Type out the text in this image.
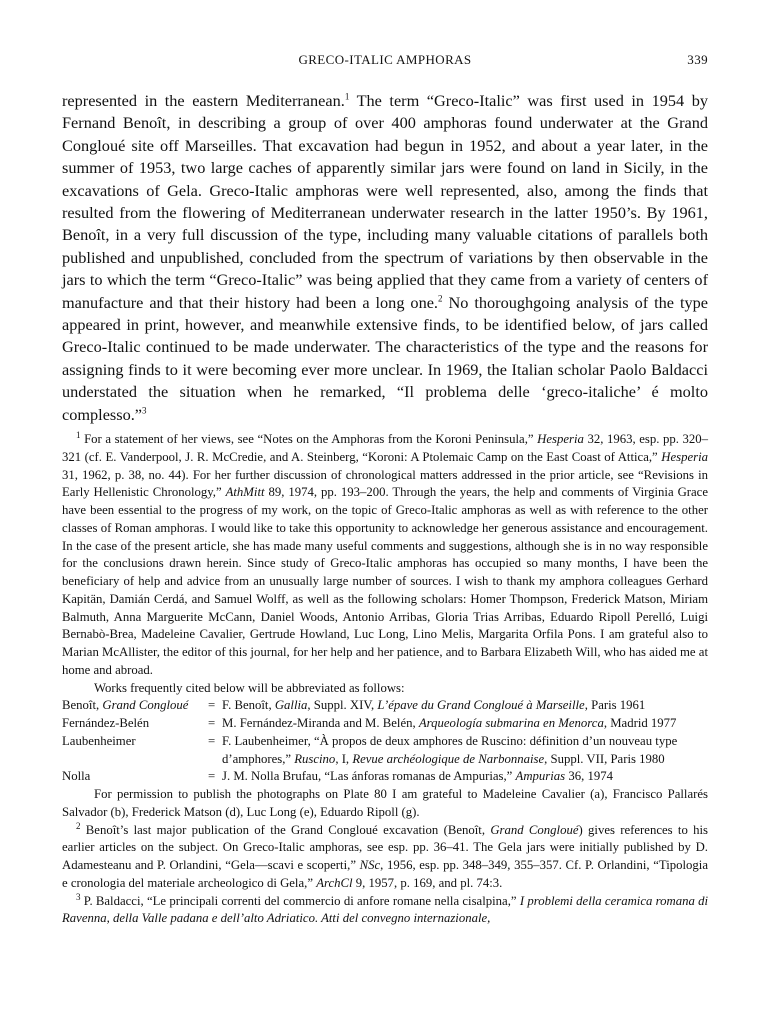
GRECO-ITALIC AMPHORAS	339

represented in the eastern Mediterranean.$^1$ The term “Greco-Italic” was first used in 1954 by Fernand Benoît, in describing a group of over 400 amphoras found underwater at the Grand Congloué site off Marseilles. That excavation had begun in 1952, and about a year later, in the summer of 1953, two large caches of apparently similar jars were found on land in Sicily, in the excavations of Gela. Greco-Italic amphoras were well represented, also, among the finds that resulted from the flowering of Mediterranean underwater research in the latter 1950’s. By 1961, Benoît, in a very full discussion of the type, including many valuable citations of parallels both published and unpublished, concluded from the spectrum of variations by then observable in the jars to which the term “Greco-Italic” was being applied that they came from a variety of centers of manufacture and that their history had been a long one.$^2$ No thoroughgoing analysis of the type appeared in print, however, and meanwhile extensive finds, to be identified below, of jars called Greco-Italic continued to be made underwater. The characteristics of the type and the reasons for assigning finds to it were becoming ever more unclear. In 1969, the Italian scholar Paolo Baldacci understated the situation when he remarked, “Il problema delle ‘greco-italiche’ é molto complesso.”$^3$

$^1$ For a statement of her views, see “Notes on the Amphoras from the Koroni Peninsula,” Hesperia 32, 1963, esp. pp. 320–321 (cf. E. Vanderpool, J. R. McCredie, and A. Steinberg, “Koroni: A Ptolemaic Camp on the East Coast of Attica,” Hesperia 31, 1962, p. 38, no. 44). For her further discussion of chronological matters addressed in the prior article, see “Revisions in Early Hellenistic Chronology,” AthMitt 89, 1974, pp. 193–200. Through the years, the help and comments of Virginia Grace have been essential to the progress of my work, on the topic of Greco-Italic amphoras as well as with reference to the other classes of Roman amphoras. I would like to take this opportunity to acknowledge her generous assistance and encouragement. In the case of the present article, she has made many useful comments and suggestions, although she is in no way responsible for the conclusions drawn herein. Since study of Greco-Italic amphoras has occupied so many months, I have been the beneficiary of help and advice from an unusually large number of sources. I wish to thank my amphora colleagues Gerhard Kapitän, Damián Cerdá, and Samuel Wolff, as well as the following scholars: Homer Thompson, Frederick Matson, Miriam Balmuth, Anna Marguerite McCann, Daniel Woods, Antonio Arribas, Gloria Trias Arribas, Eduardo Ripoll Perelló, Luigi Bernabò-Brea, Madeleine Cavalier, Gertrude Howland, Luc Long, Lino Melis, Margarita Orfila Pons. I am grateful also to Marian McAllister, the editor of this journal, for her help and her patience, and to Barbara Elizabeth Will, who has aided me at home and abroad.

Works frequently cited below will be abbreviated as follows:

Benoît, Grand Congloué	= F. Benoît, Gallia, Suppl. XIV, L’épave du Grand Congloué à Marseille, Paris 1961
Fernández-Belén	= M. Fernández-Miranda and M. Belén, Arqueología submarina en Menorca, Madrid 1977
Laubenheimer	= F. Laubenheimer, “À propos de deux amphores de Ruscino: définition d’un nouveau type d’amphores,” Ruscino, I, Revue archéologique de Narbonnaise, Suppl. VII, Paris 1980
Nolla	= J. M. Nolla Brufau, “Las ánforas romanas de Ampurias,” Ampurias 36, 1974

For permission to publish the photographs on Plate 80 I am grateful to Madeleine Cavalier (a), Francisco Pallarés Salvador (b), Frederick Matson (d), Luc Long (e), Eduardo Ripoll (g).

$^2$ Benoît’s last major publication of the Grand Congloué excavation (Benoît, Grand Congloué) gives references to his earlier articles on the subject. On Greco-Italic amphoras, see esp. pp. 36–41. The Gela jars were initially published by D. Adamesteanu and P. Orlandini, “Gela—scavi e scoperti,” NSc, 1956, esp. pp. 348–349, 355–357. Cf. P. Orlandini, “Tipologia e cronologia del materiale archeologico di Gela,” ArchCl 9, 1957, p. 169, and pl. 74:3.

$^3$ P. Baldacci, “Le principali correnti del commercio di anfore romane nella cisalpina,” I problemi della ceramica romana di Ravenna, della Valle padana e dell’alto Adriatico. Atti del convegno internazionale,
